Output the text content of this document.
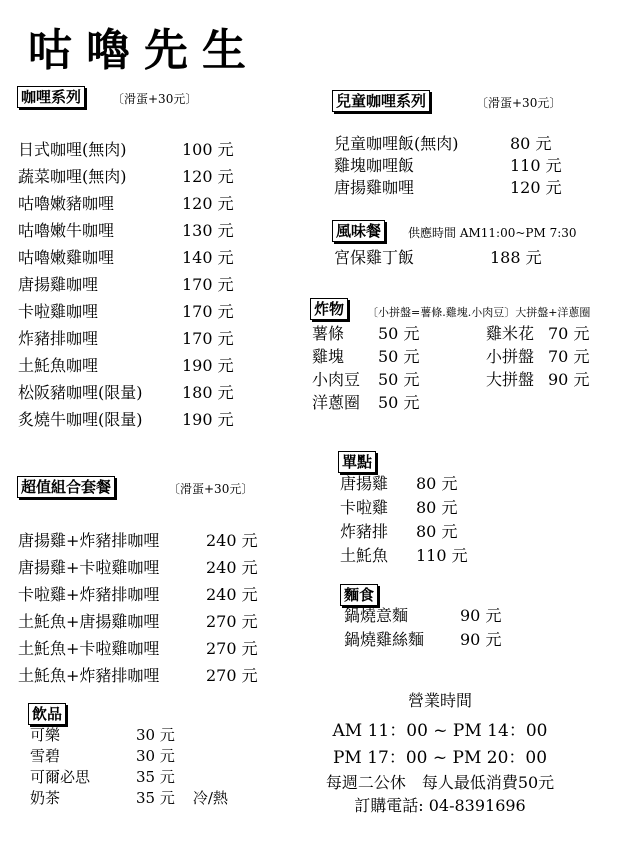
咕嚕先生
咖哩系列	〔滑蛋+30元〕
日式咖哩(無肉)	100 元
蔬菜咖哩(無肉)	120 元
咕嚕嫩豬咖哩	120 元
咕嚕嫩牛咖哩	130 元
咕嚕嫩雞咖哩	140 元
唐揚雞咖哩	170 元
卡啦雞咖哩	170 元
炸豬排咖哩	170 元
土魠魚咖哩	190 元
松阪豬咖哩(限量) 180 元
炙燒牛咖哩(限量) 190 元
超值組合套餐	〔滑蛋+30元〕
唐揚雞+炸豬排咖哩	240 元
唐揚雞+卡啦雞咖哩	240 元
卡啦雞+炸豬排咖哩	240 元
土魠魚+唐揚雞咖哩	270 元
土魠魚+卡啦雞咖哩	270 元
土魠魚+炸豬排咖哩	270 元
飲品
可樂	30 元
雪碧	30 元
可爾必思	35 元
奶茶	35 元 冷/熱
兒童咖哩系列	〔滑蛋+30元〕
兒童咖哩飯(無肉)	80 元
雞塊咖哩飯	110 元
唐揚雞咖哩	120 元
風味餐	供應時間 AM11:00~PM 7:30
宮保雞丁飯	188 元
炸物	〔小拼盤=薯條.雞塊.小肉豆〕大拼盤+洋蔥圈
薯條 50 元
雞塊 50 元
小肉豆 50 元
洋蔥圈 50 元
雞米花 70 元
小拼盤 70 元
大拼盤 90 元
單點
唐揚雞 80 元
卡啦雞 80 元
炸豬排 80 元
土魠魚 110 元
麵食
鍋燒意麵	90 元
鍋燒雞絲麵 90 元
營業時間
AM 11：00 ~ PM 14：00
PM 17：00 ~ PM 20：00
每週二公休　每人最低消費50元
訂購電話: 04-8391696
